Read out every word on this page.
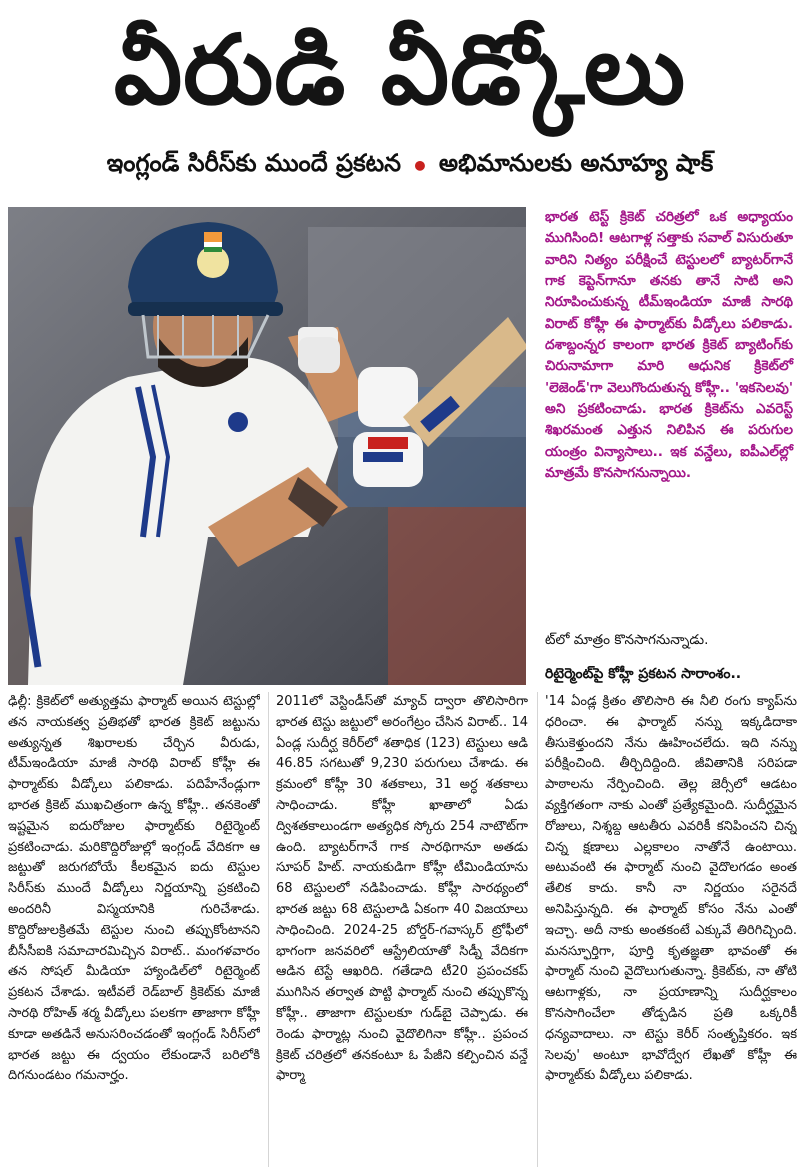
వీరుడి వీడ్కోలు
ఇంగ్లండ్‌ సిరీస్‌కు ముందే ప్రకటన • అభిమానులకు అనూహ్య షాక్‌
భారత టెస్ట్‌ క్రికెట్‌ చరిత్రలో ఒక అధ్యాయం ముగిసింది! ఆటగాళ్ల సత్తాకు సవాల్‌ విసురుతూ వారిని నిత్యం పరీక్షించే టెస్టులలో బ్యాటర్‌గానే గాక కెప్టెన్‌గానూ తనకు తానే సాటి అని నిరూపించుకున్న టీమ్‌ఇండియా మాజీ సారథి విరాట్‌ కోహ్లీ ఈ ఫార్మాట్‌కు వీడ్కోలు పలికాడు. దశాబ్దంన్నర కాలంగా భారత క్రికెట్‌ బ్యాటింగ్‌కు చిరునామాగా మారి ఆధునిక క్రికెట్‌లో 'లెజెండ్‌'గా వెలుగొందుతున్న కోహ్లీ.. 'ఇకసెలవు' అని ప్రకటించాడు. భారత క్రికెట్‌ను ఎవరెస్ట్‌ శిఖరమంత ఎత్తున నిలిపిన ఈ పరుగుల యంత్రం విన్యాసాలు.. ఇక వన్డేలు, ఐపీఎల్‌ల్లో మాత్రమే కొనసాగనున్నాయి.
ట్‌లో మాత్రం కొనసాగనున్నాడు.
రిటైర్మెంట్‌పై కోహ్లీ ప్రకటన సారాంశం..
ఢిల్లీ: క్రికెట్‌లో అత్యుత్తమ ఫార్మాట్‌ అయిన టెస్టుల్లో తన నాయకత్వ ప్రతిభతో భారత క్రికెట్‌ జట్టును అత్యున్నత శిఖరాలకు చేర్చిన వీరుడు, టీమ్‌ఇండియా మాజీ సారథి విరాట్‌ కోహ్లీ ఈ ఫార్మాట్‌కు వీడ్కోలు పలికాడు. పదిహేనేండ్లుగా భారత క్రికెట్‌ ముఖచిత్రంగా ఉన్న కోహ్లీ.. తనకెంతో ఇష్టమైన ఐదురోజుల ఫార్మాట్‌కు రిటైర్మెంట్‌ ప్రకటించాడు. మరికొద్దిరోజుల్లో ఇంగ్లండ్‌ వేదికగా ఆ జట్టుతో జరుగబోయే కీలకమైన ఐదు టెస్టుల సిరీస్‌కు ముందే వీడ్కోలు నిర్ణయాన్ని ప్రకటించి అందరినీ విస్మయానికి గురిచేశాడు. కొద్దిరోజులక్రితమే టెస్టుల నుంచి తప్పుకోంటానని బీసీసీఐకి సమాచారమిచ్చిన విరాట్‌.. మంగళవారం తన సోషల్‌ మీడియా హ్యాండిల్‌లో రిటైర్మెంట్‌ ప్రకటన చేశాడు. ఇటీవలే రెడ్‌బాల్‌ క్రికెట్‌కు మాజీ సారథి రోహిత్‌ శర్మ వీడ్కోలు పలకగా తాజాగా కోహ్లీ కూడా అతడినే అనుసరించడంతో ఇంగ్లండ్‌ సిరీస్‌లో భారత జట్టు ఈ ద్వయం లేకుండానే బరిలోకి దిగనుండటం గమనార్హం.
2011లో వెస్టిండీస్‌తో మ్యాచ్‌ ద్వారా తొలిసారిగా భారత టెస్టు జట్టులో అరంగేట్రం చేసిన విరాట్‌.. 14 ఏండ్ల సుదీర్ఘ కెరీర్‌లో శతాధిక (123) టెస్టులు ఆడి 46.85 సగటుతో 9,230 పరుగులు చేశాడు. ఈ క్రమంలో కోహ్లీ 30 శతకాలు, 31 అర్ధ శతకాలు సాధించాడు. కోహ్లీ ఖాతాలో ఏడు ద్విశతకాలుండగా అత్యధిక స్కోరు 254 నాటౌట్‌గా ఉంది. బ్యాటర్‌గానే గాక సారథిగానూ అతడు సూపర్‌ హిట్‌. నాయకుడిగా కోహ్లీ టీమిండియాను 68 టెస్టులలో నడిపించాడు. కోహ్లీ సారథ్యంలో భారత జట్టు 68 టెస్టులాడి ఏకంగా 40 విజయాలు సాధించింది. 2024-25 బోర్డర్‌-గవాస్కర్‌ ట్రోఫీలో భాగంగా జనవరిలో ఆస్ట్రేలియాతో సిడ్నీ వేదికగా ఆడిన టెస్టే ఆఖరిది. గతేడాది టీ20 ప్రపంచకప్‌ ముగిసిన తర్వాత పొట్టి ఫార్మాట్‌ నుంచి తప్పుకొన్న కోహ్లీ.. తాజాగా టెస్టులకూ గుడ్‌బై చెప్పాడు. ఈ రెండు ఫార్మాట్ల నుంచి వైదొలిగినా కోహ్లీ.. ప్రపంచ క్రికెట్‌ చరిత్రలో తనకంటూ ఓ పేజీని కల్పించిన వన్డే ఫార్మా
'14 ఏండ్ల క్రితం తొలిసారి ఈ నీలి రంగు క్యాప్‌ను ధరించా. ఈ ఫార్మాట్‌ నన్ను ఇక్కడిదాకా తీసుకెళ్తుందని నేను ఊహించలేదు. ఇది నన్ను పరీక్షించింది. తీర్చిదిద్దింది. జీవితానికి సరిపడా పాఠాలను నేర్పించింది. తెల్ల జెర్సీలో ఆడటం వ్యక్తిగతంగా నాకు ఎంతో ప్రత్యేకమైంది. సుదీర్ఘమైన రోజులు, నిశ్శబ్ద ఆటతీరు ఎవరికీ కనిపించని చిన్న చిన్న క్షణాలు ఎల్లకాలం నాతోనే ఉంటాయి. అటువంటి ఈ ఫార్మాట్‌ నుంచి వైదొలగడం అంత తేలిక కాదు. కానీ నా నిర్ణయం సరైనదే అనిపిస్తున్నది. ఈ ఫార్మాట్‌ కోసం నేను ఎంతో ఇచ్చా. అదీ నాకు అంతకంటే ఎక్కువే తిరిగిచ్చింది. మనస్ఫూర్తిగా, పూర్తి కృతజ్ఞతా భావంతో ఈ ఫార్మాట్‌ నుంచి వైదొలుగుతున్నా. క్రికెట్‌కు, నా తోటి ఆటగాళ్లకు, నా ప్రయాణాన్ని సుదీర్ఘకాలం కొనసాగించేలా తోడ్పడిన ప్రతి ఒక్కరికీ ధన్యవాదాలు. నా టెస్టు కెరీర్‌ సంతృప్తికరం. ఇక సెలవు' అంటూ భావోద్వేగ లేఖతో కోహ్లీ ఈ ఫార్మాట్‌కు వీడ్కోలు పలికాడు.
